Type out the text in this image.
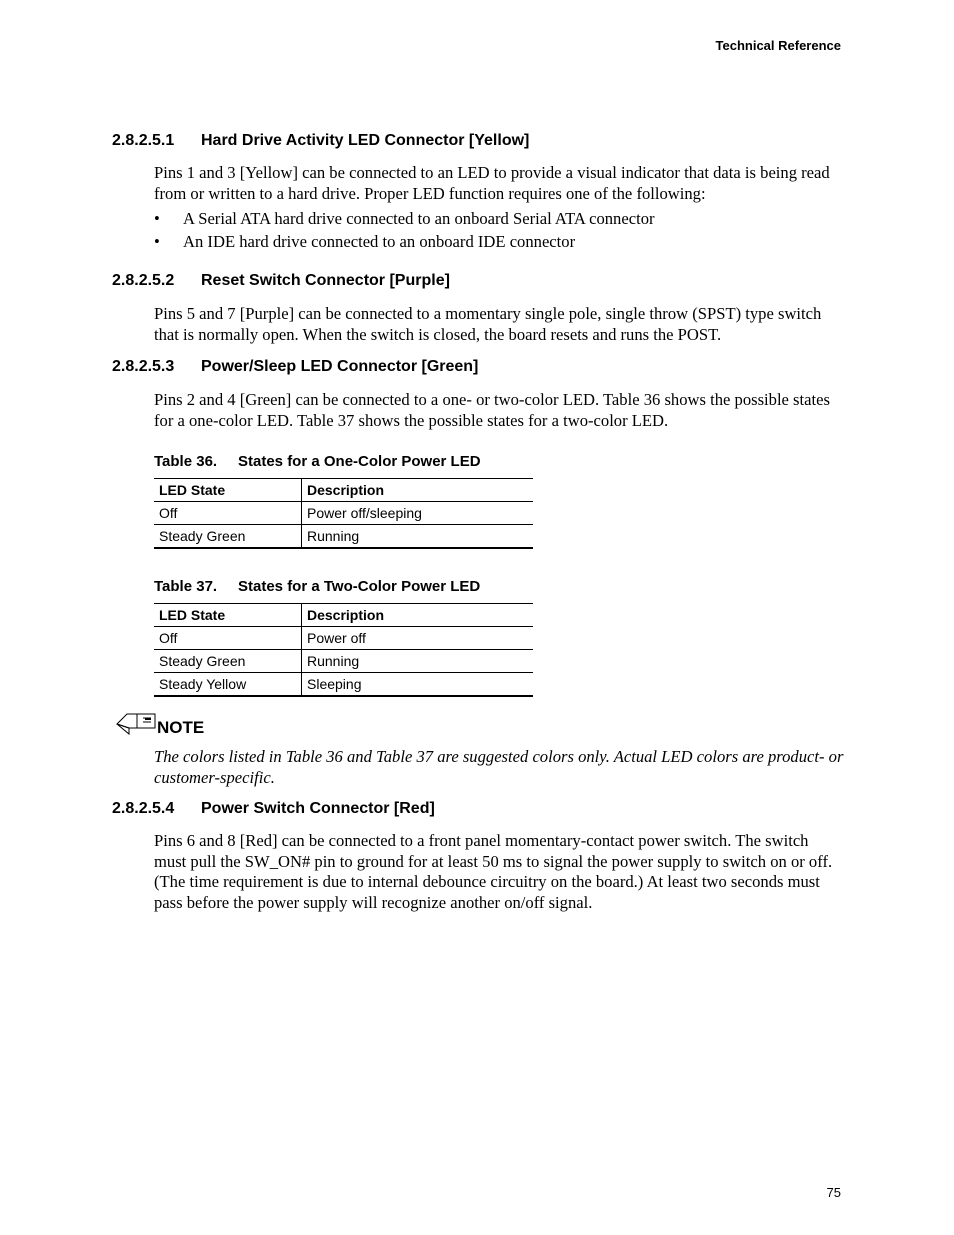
Technical Reference
2.8.2.5.1 Hard Drive Activity LED Connector [Yellow]
Pins 1 and 3 [Yellow] can be connected to an LED to provide a visual indicator that data is being read from or written to a hard drive. Proper LED function requires one of the following:
• A Serial ATA hard drive connected to an onboard Serial ATA connector
• An IDE hard drive connected to an onboard IDE connector
2.8.2.5.2 Reset Switch Connector [Purple]
Pins 5 and 7 [Purple] can be connected to a momentary single pole, single throw (SPST) type switch that is normally open. When the switch is closed, the board resets and runs the POST.
2.8.2.5.3 Power/Sleep LED Connector [Green]
Pins 2 and 4 [Green] can be connected to a one- or two-color LED. Table 36 shows the possible states for a one-color LED. Table 37 shows the possible states for a two-color LED.
Table 36. States for a One-Color Power LED
LED State	Description
Off	Power off/sleeping
Steady Green	Running
Table 37. States for a Two-Color Power LED
LED State	Description
Off	Power off
Steady Green	Running
Steady Yellow	Sleeping
NOTE
The colors listed in Table 36 and Table 37 are suggested colors only. Actual LED colors are product- or customer-specific.
2.8.2.5.4 Power Switch Connector [Red]
Pins 6 and 8 [Red] can be connected to a front panel momentary-contact power switch. The switch must pull the SW_ON# pin to ground for at least 50 ms to signal the power supply to switch on or off. (The time requirement is due to internal debounce circuitry on the board.) At least two seconds must pass before the power supply will recognize another on/off signal.
75
